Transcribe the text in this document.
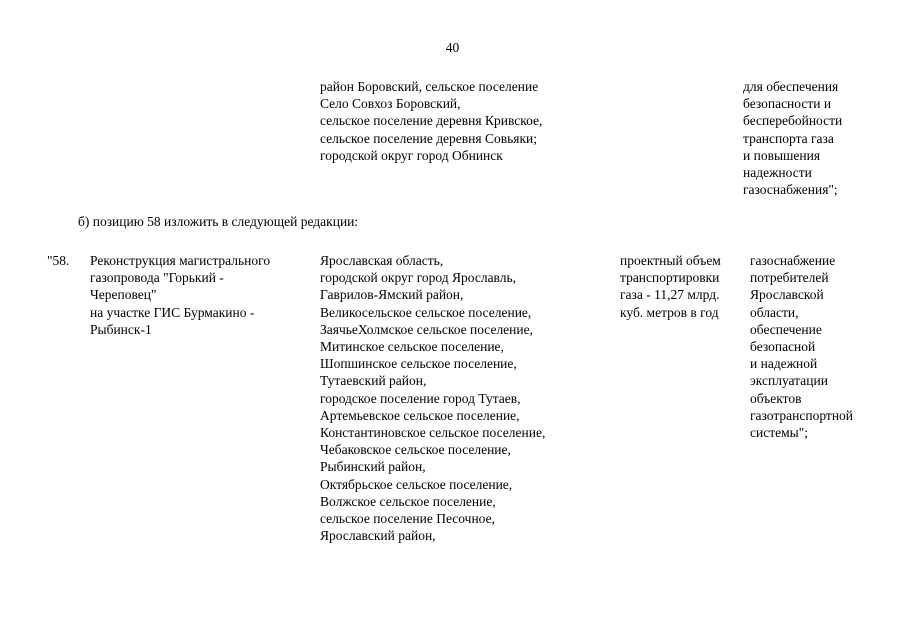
40
район Боровский, сельское поселение
Село Совхоз Боровский,
сельское поселение деревня Кривское,
сельское поселение деревня Совьяки;
городской округ город Обнинск
для обеспечения
безопасности и
бесперебойности
транспорта газа
и повышения
надежности
газоснабжения";
б) позицию 58 изложить в следующей редакции:
"58. Реконструкция магистрального
газопровода "Горький -
Череповец"
на участке ГИС Бурмакино -
Рыбинск-1
Ярославская область,
городской округ город Ярославль,
Гаврилов-Ямский район,
Великосельское сельское поселение,
ЗаячьеХолмское сельское поселение,
Митинское сельское поселение,
Шопшинское сельское поселение,
Тутаевский район,
городское поселение город Тутаев,
Артемьевское сельское поселение,
Константиновское сельское поселение,
Чебаковское сельское поселение,
Рыбинский район,
Октябрьское сельское поселение,
Волжское сельское поселение,
сельское поселение Песочное,
Ярославский район,
проектный объем
транспортировки
газа - 11,27 млрд.
куб. метров в год
газоснабжение
потребителей
Ярославской
области,
обеспечение
безопасной
и надежной
эксплуатации
объектов
газотранспортной
системы";
